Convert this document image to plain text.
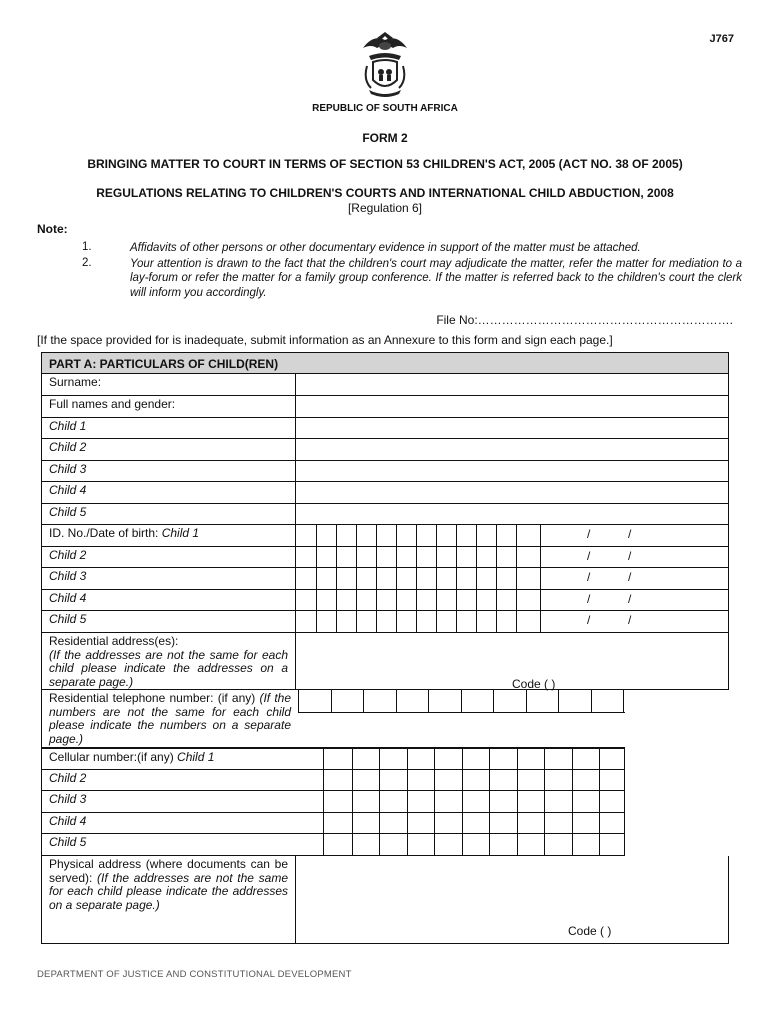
J767
REPUBLIC OF SOUTH AFRICA
FORM 2
BRINGING MATTER TO COURT IN TERMS OF SECTION 53 CHILDREN'S ACT, 2005 (ACT NO. 38 OF 2005)
REGULATIONS RELATING TO CHILDREN'S COURTS AND INTERNATIONAL CHILD ABDUCTION, 2008
[Regulation 6]
Note:
1.	Affidavits of other persons or other documentary evidence in support of the matter must be attached.
2.	Your attention is drawn to the fact that the children's court may adjudicate the matter, refer the matter for mediation to a lay-forum or refer the matter for a family group conference. If the matter is referred back to the children's court the clerk will inform you accordingly.
File No:……………………………………………………….
[If the space provided for is inadequate, submit information as an Annexure to this form and sign each page.]
PART A: PARTICULARS OF CHILD(REN)
Surname:
Full names and gender:
Child 1
Child 2
Child 3
Child 4
Child 5
ID. No./Date of birth: Child 1	/	/
Child 2	/	/
Child 3	/	/
Child 4	/	/
Child 5	/	/
Residential address(es):
(If the addresses are not the same for each child please indicate the addresses on a separate page.)	Code ( )
Residential telephone number: (if any) (If the numbers are not the same for each child please indicate the numbers on a separate page.)
Cellular number:(if any) Child 1
Child 2
Child 3
Child 4
Child 5
Physical address (where documents can be served): (If the addresses are not the same for each child please indicate the addresses on a separate page.)
Code ( )
DEPARTMENT OF JUSTICE AND CONSTITUTIONAL DEVELOPMENT
